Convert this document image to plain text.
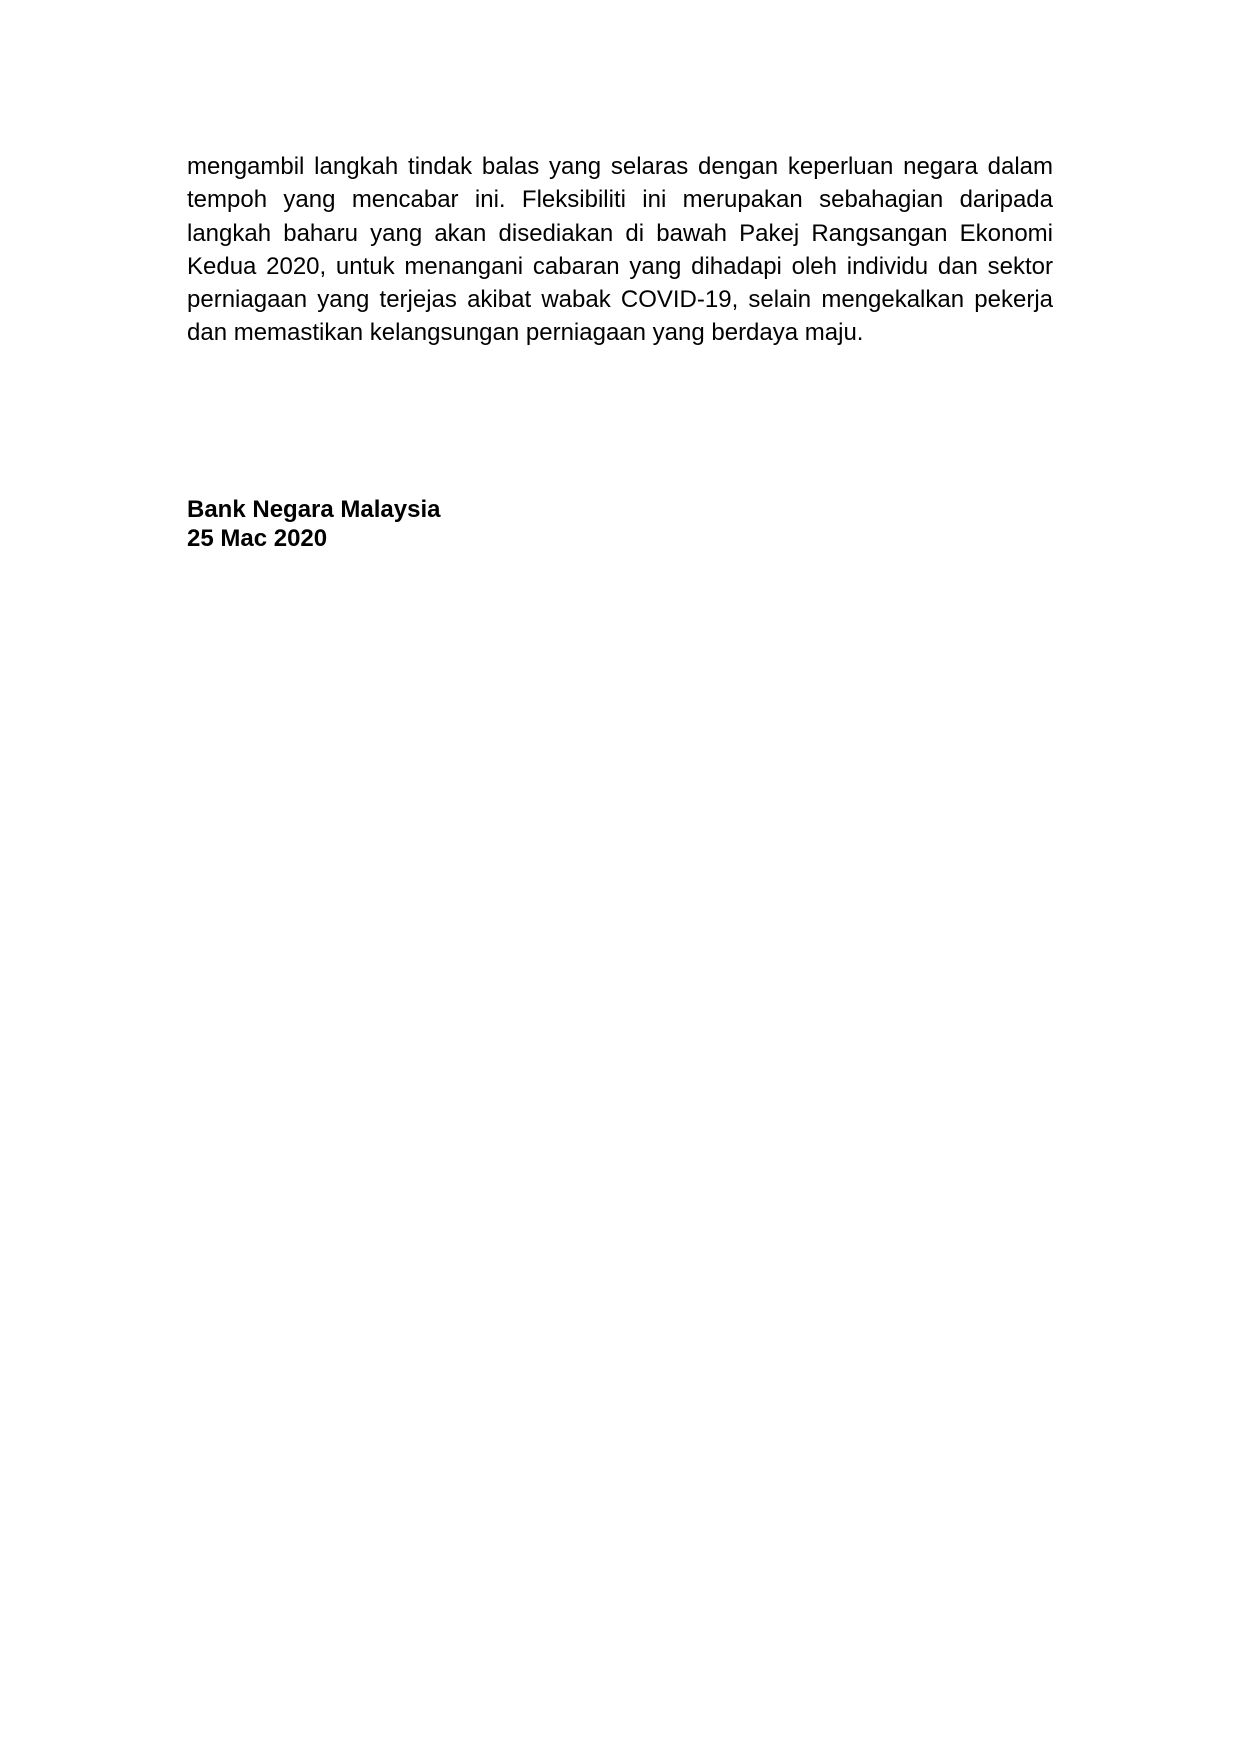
mengambil langkah tindak balas yang selaras dengan keperluan negara dalam tempoh yang mencabar ini. Fleksibiliti ini merupakan sebahagian daripada langkah baharu yang akan disediakan di bawah Pakej Rangsangan Ekonomi Kedua 2020, untuk menangani cabaran yang dihadapi oleh individu dan sektor perniagaan yang terjejas akibat wabak COVID-19, selain mengekalkan pekerja dan memastikan kelangsungan perniagaan yang berdaya maju.

Bank Negara Malaysia

25 Mac 2020
